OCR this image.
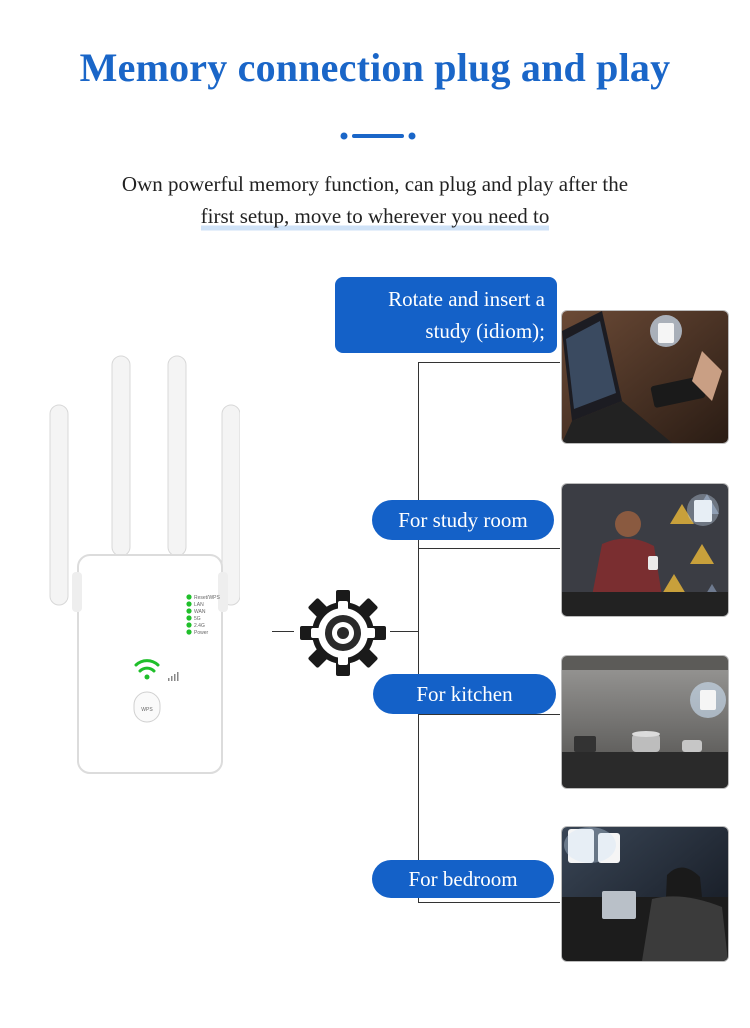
Memory connection plug and play
Own powerful memory function, can plug and play after the
first setup, move to wherever you need to
Reset/WPS
LAN
WAN
5G
2.4G
Power
WPS
Rotate and insert a
study (idiom);
For study room
For kitchen
For bedroom
